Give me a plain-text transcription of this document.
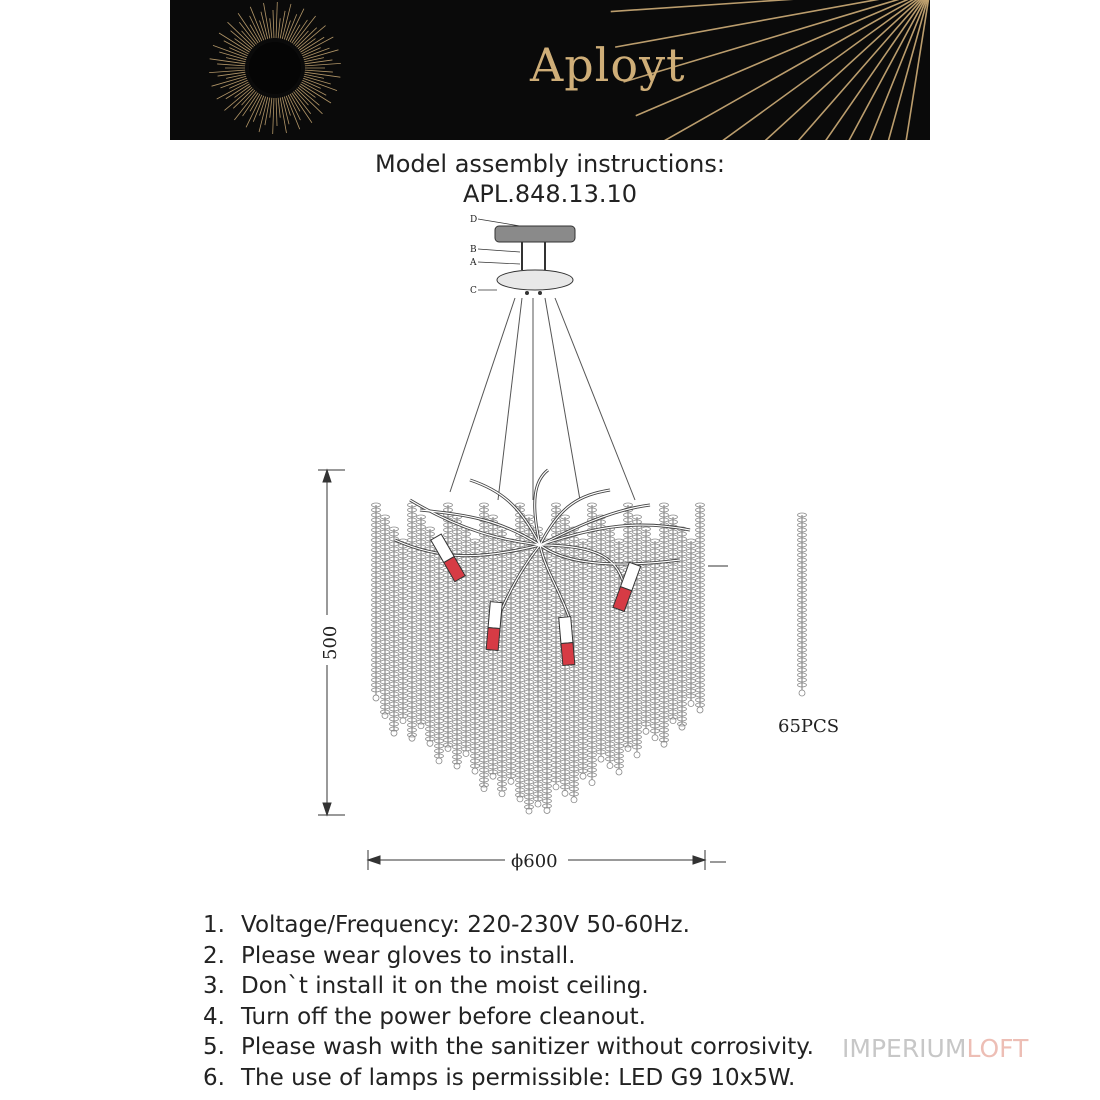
Aployt
Model assembly instructions:
APL.848.13.10
D
B
A
C
500
ϕ600
65PCS
1. Voltage/Frequency: 220-230V 50-60Hz.
2. Please wear gloves to install.
3. Don`t install it on the moist ceiling.
4. Turn off the power before cleanout.
5. Please wash with the sanitizer without corrosivity.
6. The use of lamps is permissible: LED G9 10x5W.
IMPERIUMLOFT
